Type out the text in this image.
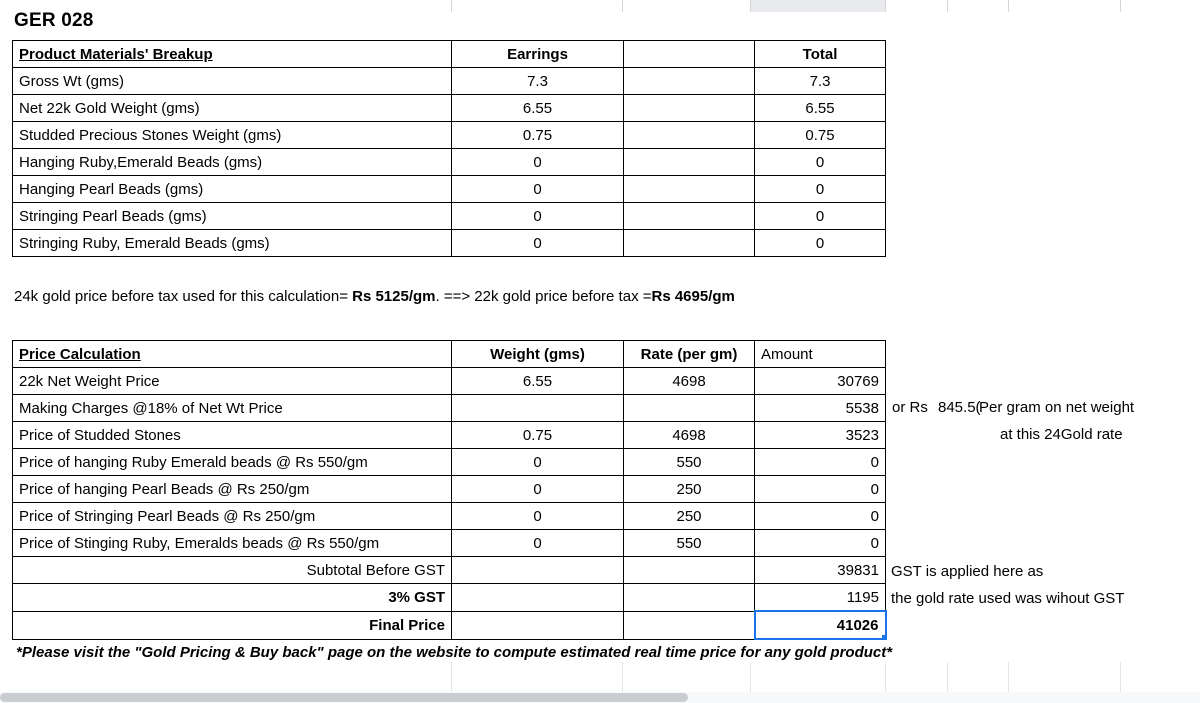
GER 028
Product Materials' Breakup	Earrings		Total
Gross Wt (gms)	7.3		7.3
Net 22k Gold Weight (gms)	6.55		6.55
Studded Precious Stones Weight (gms)	0.75		0.75
Hanging Ruby,Emerald Beads (gms)	0		0
Hanging Pearl Beads (gms)	0		0
Stringing Pearl Beads (gms)	0		0
Stringing Ruby, Emerald Beads (gms)	0		0
24k gold price before tax used for this calculation= Rs 5125/gm. ==> 22k gold price before tax =Rs 4695/gm
Price Calculation	Weight (gms)	Rate (per gm)	Amount
22k Net Weight Price	6.55	4698	30769
Making Charges @18% of Net Wt Price			5538
Price of Studded Stones	0.75	4698	3523
Price of hanging Ruby Emerald beads @ Rs 550/gm	0	550	0
Price of hanging Pearl Beads @ Rs 250/gm	0	250	0
Price of Stringing Pearl Beads @ Rs 250/gm	0	250	0
Price of Stinging Ruby, Emeralds beads @ Rs 550/gm	0	550	0
Subtotal Before GST			39831
3% GST			1195
Final Price			41026
or Rs 845.5(
Per gram on net weight
at this 24Gold rate
GST is applied here as
the gold rate used was wihout GST
*Please visit the "Gold Pricing & Buy back" page on the website to compute estimated real time price for any gold product*
